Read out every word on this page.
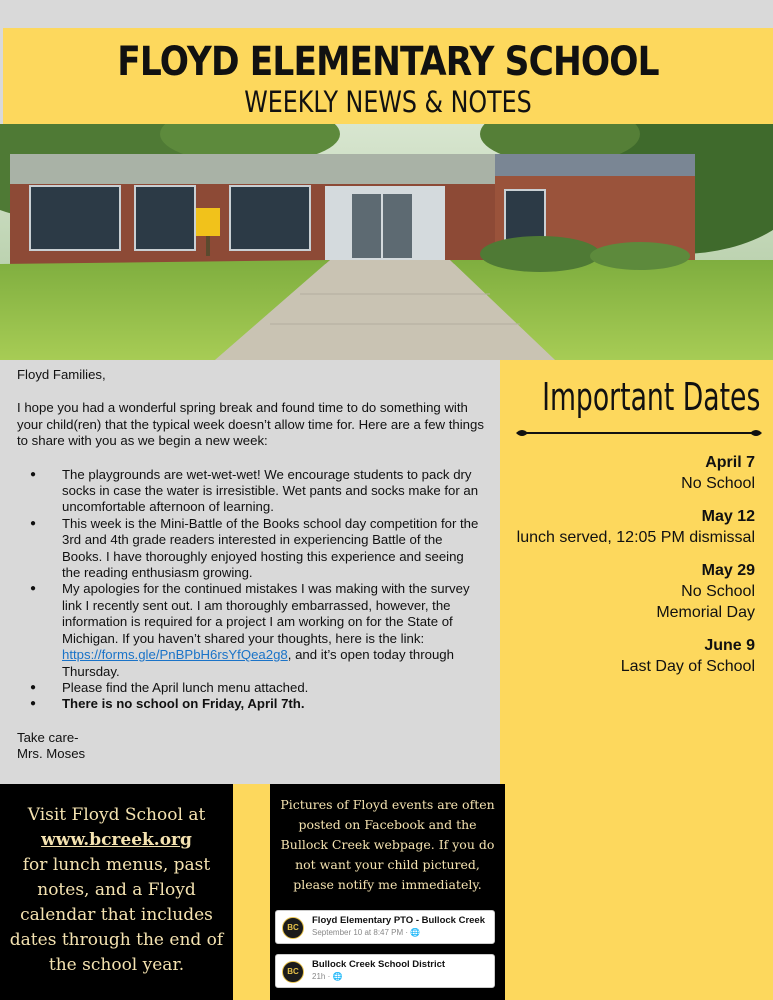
FLOYD ELEMENTARY SCHOOL
WEEKLY NEWS & NOTES

Floyd Families,

I hope you had a wonderful spring break and found time to do something with your child(ren) that the typical week doesn’t allow time for. Here are a few things to share with you as we begin a new week:

● The playgrounds are wet-wet-wet! We encourage students to pack dry socks in case the water is irresistible. Wet pants and socks make for an uncomfortable afternoon of learning.
● This week is the Mini-Battle of the Books school day competition for the 3rd and 4th grade readers interested in experiencing Battle of the Books. I have thoroughly enjoyed hosting this experience and seeing the reading enthusiasm growing.
● My apologies for the continued mistakes I was making with the survey link I recently sent out. I am thoroughly embarrassed, however, the information is required for a project I am working on for the State of Michigan. If you haven’t shared your thoughts, here is the link: https://forms.gle/PnBPbH6rsYfQea2g8, and it’s open today through Thursday.
● Please find the April lunch menu attached.
● There is no school on Friday, April 7th.

Take care-

Mrs. Moses

Important Dates
April 7
No School
May 12
lunch served, 12:05 PM dismissal
May 29
No School
Memorial Day
June 9
Last Day of School
Visit Floyd School at
www.bcreek.org
for lunch menus, past notes, and a Floyd calendar that includes dates through the end of the school year.
Pictures of Floyd events are often posted on Facebook and the Bullock Creek webpage. If you do not want your child pictured, please notify me immediately.
BC
Floyd Elementary PTO - Bullock Creek
September 10 at 8:47 PM · 🌐
BC
Bullock Creek School District
21h · 🌐
